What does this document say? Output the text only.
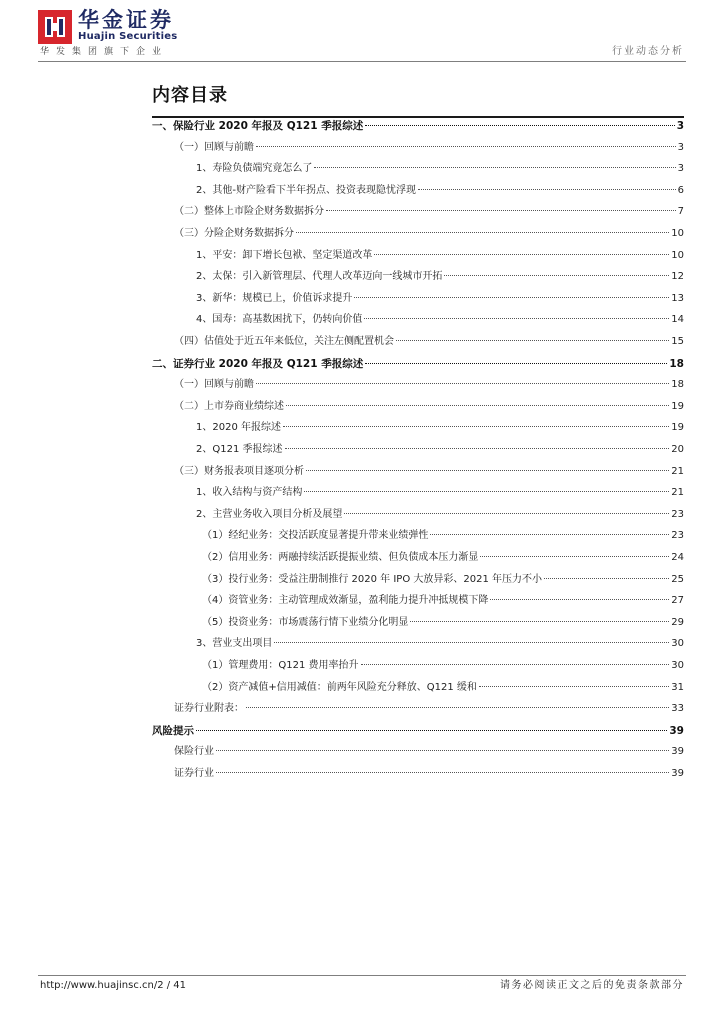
华金证券
Huajin Securities
华发集团旗下企业	行业动态分析
内容目录
一、保险行业 2020 年报及 Q121 季报综述	3
（一）回顾与前瞻	3
1、寿险负债端究竟怎么了	3
2、其他-财产险看下半年拐点、投资表现隐忧浮现	6
（二）整体上市险企财务数据拆分	7
（三）分险企财务数据拆分	10
1、平安：卸下增长包袱、坚定渠道改革	10
2、太保：引入新管理层、代理人改革迈向一线城市开拓	12
3、新华：规模已上，价值诉求提升	13
4、国寿：高基数困扰下，仍转向价值	14
（四）估值处于近五年来低位，关注左侧配置机会	15
二、证券行业 2020 年报及 Q121 季报综述	18
（一）回顾与前瞻	18
（二）上市券商业绩综述	19
1、2020 年报综述	19
2、Q121 季报综述	20
（三）财务报表项目逐项分析	21
1、收入结构与资产结构	21
2、主营业务收入项目分析及展望	23
（1）经纪业务：交投活跃度显著提升带来业绩弹性	23
（2）信用业务：两融持续活跃提振业绩、但负债成本压力渐显	24
（3）投行业务：受益注册制推行 2020 年 IPO 大放异彩、2021 年压力不小	25
（4）资管业务：主动管理成效渐显，盈利能力提升冲抵规模下降	27
（5）投资业务：市场震荡行情下业绩分化明显	29
3、营业支出项目	30
（1）管理费用：Q121 费用率抬升	30
（2）资产减值+信用减值：前两年风险充分释放、Q121 缓和	31
证券行业附表：	33
风险提示	39
保险行业	39
证券行业	39
http://www.huajinsc.cn/2 / 41	请务必阅读正文之后的免责条款部分
